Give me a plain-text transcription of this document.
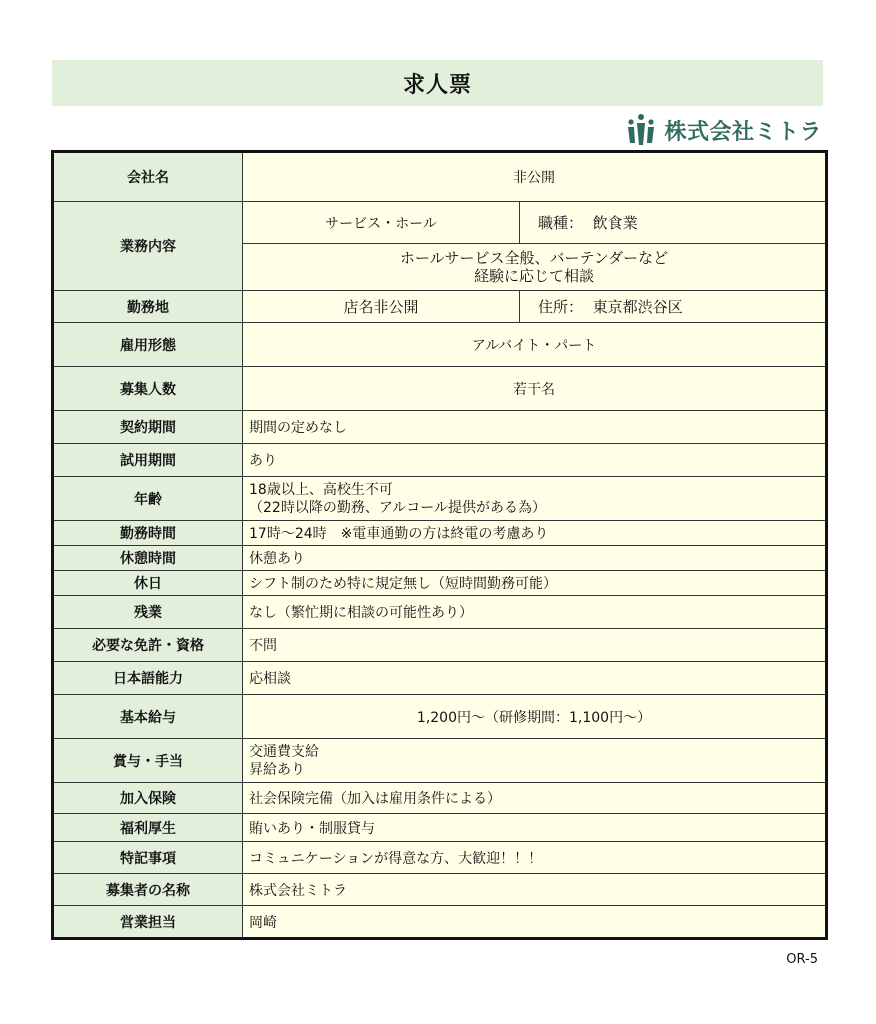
求人票
株式会社ミトラ
会社名	非公開	
業務内容	サービス・ホール	職種： 飲食業
	ホールサービス全般、バーテンダーなど
経験に応じて相談	
勤務地	店名非公開	住所： 東京都渋谷区
雇用形態	アルバイト・パート	
募集人数	若干名	
契約期間	期間の定めなし	
試用期間	あり	
年齢	18歳以上、高校生不可
（22時以降の勤務、アルコール提供がある為）	
勤務時間	17時～24時　※電車通勤の方は終電の考慮あり	
休憩時間	休憩あり	
休日	シフト制のため特に規定無し（短時間勤務可能）	
残業	なし（繁忙期に相談の可能性あり）	
必要な免許・資格	不問	
日本語能力	応相談	
基本給与	1,200円～（研修期間：1,100円～）	
賞与・手当	交通費支給
昇給あり	
加入保険	社会保険完備（加入は雇用条件による）	
福利厚生	賄いあり・制服貸与	
特記事項	コミュニケーションが得意な方、大歓迎！！！	
募集者の名称	株式会社ミトラ	
営業担当	岡崎	
OR-5
